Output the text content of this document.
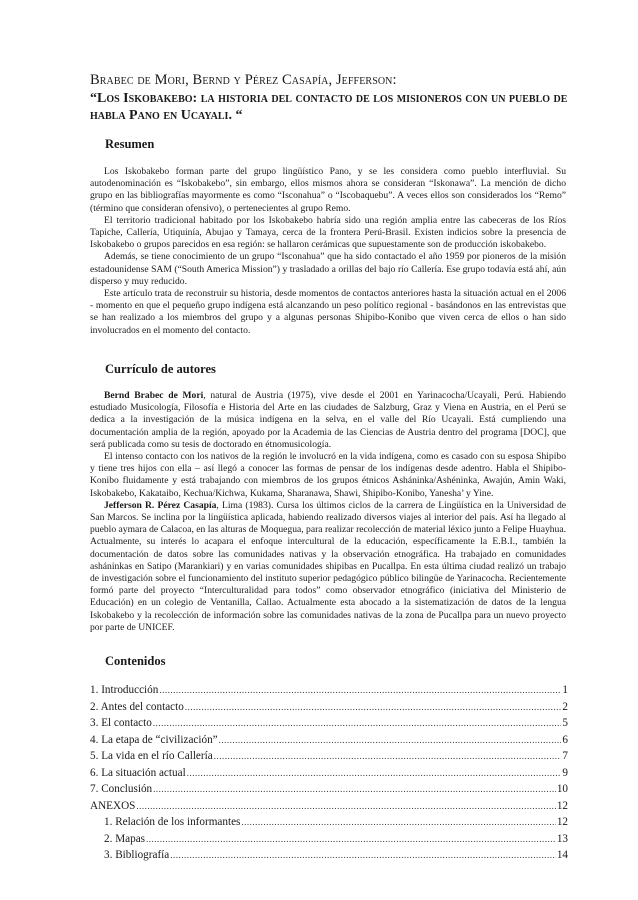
Brabec de Mori, Bernd y Pérez Casapía, Jefferson:
“Los Iskobakebo: la historia del contacto de los misioneros con un pueblo de habla Pano en Ucayali. “
Resumen

Los Iskobakebo forman parte del grupo lingüístico Pano, y se les considera como pueblo interfluvial. Su autodenominación es “Iskobakebo”, sin embargo, ellos mismos ahora se consideran “Iskonawa”. La mención de dicho grupo en las bibliografías mayormente es como “Isconahua” o “Iscobaquebu”. A veces ellos son considerados los “Remo” (término que consideran ofensivo), o pertenecientes al grupo Remo.

El territorio tradicional habitado por los Iskobakebo habría sido una región amplia entre las cabeceras de los Ríos Tapiche, Callería, Utiquinía, Abujao y Tamaya, cerca de la frontera Perú-Brasil. Existen indicios sobre la presencia de Iskobakebo o grupos parecidos en esa región: se hallaron cerámicas que supuestamente son de producción iskobakebo.

Además, se tiene conocimiento de un grupo “Isconahua” que ha sido contactado el año 1959 por pioneros de la misión estadounidense SAM (“South America Mission”) y trasladado a orillas del bajo río Callería. Ese grupo todavía está ahí, aún disperso y muy reducido.

Este artículo trata de reconstruir su historia, desde momentos de contactos anteriores hasta la situación actual en el 2006 - momento en que el pequeño grupo indígena está alcanzando un peso político regional - basándonos en las entrevistas que se han realizado a los miembros del grupo y a algunas personas Shipibo-Konibo que viven cerca de ellos o han sido involucrados en el momento del contacto.

Currículo de autores

Bernd Brabec de Mori, natural de Austria (1975), vive desde el 2001 en Yarinacocha/Ucayali, Perú. Habiendo estudiado Musicología, Filosofía e Historia del Arte en las ciudades de Salzburg, Graz y Viena en Austria, en el Perú se dedica a la investigación de la música indígena en la selva, en el valle del Río Ucayali. Está cumpliendo una documentación amplia de la región, apoyado por la Academia de las Ciencias de Austria dentro del programa [DOC], que será publicada como su tesis de doctorado en étnomusicología.

El intenso contacto con los nativos de la región le involucró en la vida indígena, como es casado con su esposa Shipibo y tiene tres hijos con ella – así llegó a conocer las formas de pensar de los indígenas desde adentro. Habla el Shipibo-Konibo fluidamente y está trabajando con miembros de los grupos étnicos Asháninka/Ashéninka, Awajún, Amin Waki, Iskobakebo, Kakataibo, Kechua/Kichwa, Kukama, Sharanawa, Shawi, Shipibo-Konibo, Yanesha’ y Yine.

Jefferson R. Pérez Casapía, Lima (1983). Cursa los últimos ciclos de la carrera de Lingüística en la Universidad de San Marcos. Se inclina por la lingüística aplicada, habiendo realizado diversos viajes al interior del país. Así ha llegado al pueblo aymara de Calacoa, en las alturas de Moquegua, para realizar recolección de material léxico junto a Felipe Huayhua. Actualmente, su interés lo acapara el enfoque intercultural de la educación, específicamente la E.B.I., también la documentación de datos sobre las comunidades nativas y la observación etnográfica. Ha trabajado en comunidades asháninkas en Satipo (Marankiari) y en varias comunidades shipibas en Pucallpa. En esta última ciudad realizó un trabajo de investigación sobre el funcionamiento del instituto superior pedagógico público bilingüe de Yarinacocha. Recientemente formó parte del proyecto “Interculturalidad para todos” como observador etnográfico (iniciativa del Ministerio de Educación) en un colegio de Ventanilla, Callao. Actualmente esta abocado a la sistematización de datos de la lengua Iskobakebo y la recolección de información sobre las comunidades nativas de la zona de Pucallpa para un nuevo proyecto por parte de UNICEF.

Contenidos
1. Introducción .....	1
2. Antes del contacto .....	2
3. El contacto .....	5
4. La etapa de “civilización” .....	6
5. La vida en el río Callería .....	7
6. La situación actual .....	9
7. Conclusión .....	10
ANEXOS .....	12
1. Relación de los informantes .....	12
2. Mapas .....	13
3. Bibliografía .....	14
